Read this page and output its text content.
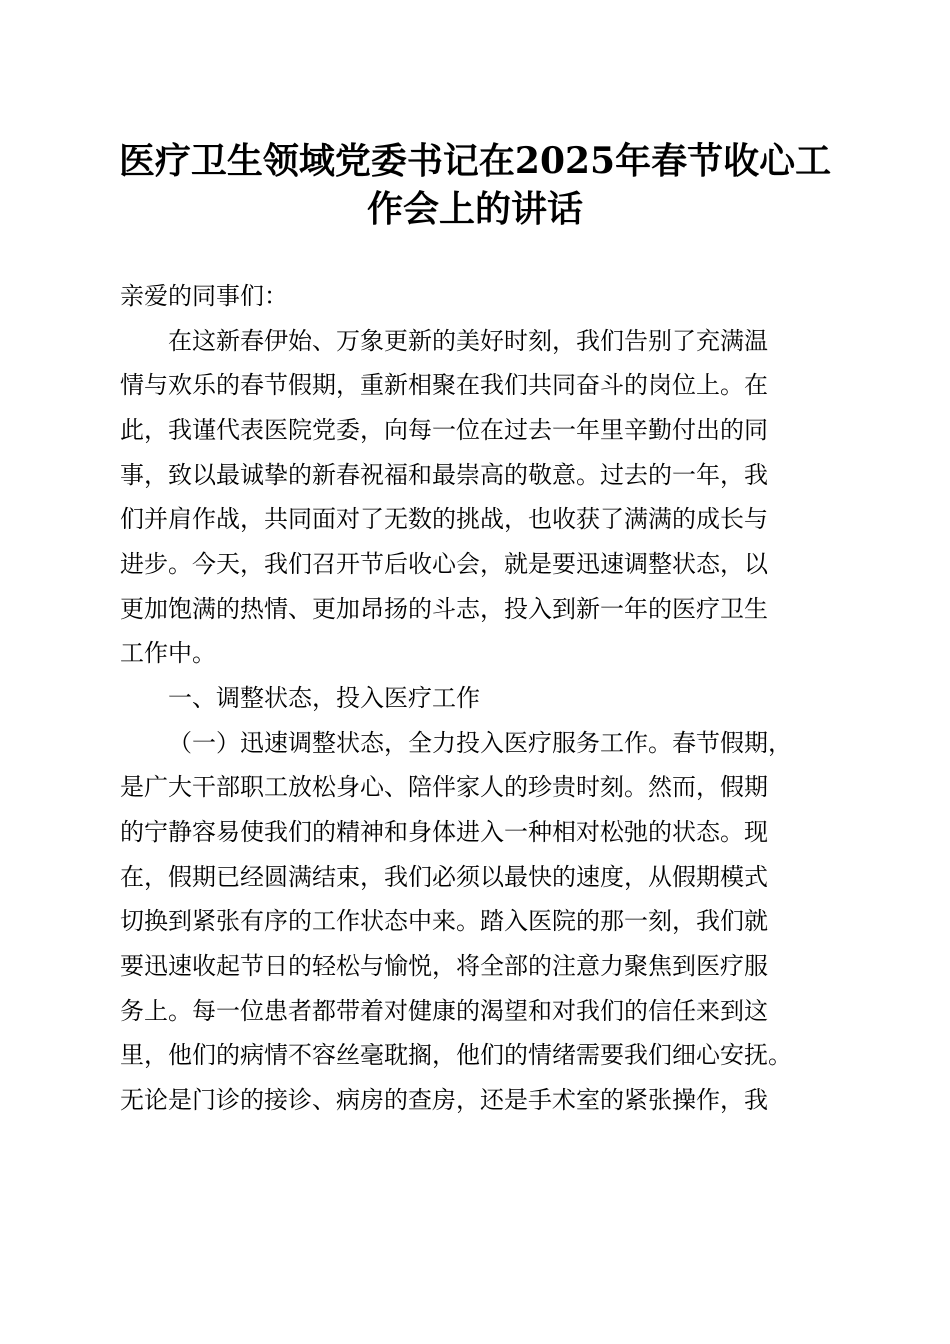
医疗卫生领域党委书记在2025年春节收心工
作会上的讲话
亲爱的同事们：
在这新春伊始、万象更新的美好时刻，我们告别了充满温
情与欢乐的春节假期，重新相聚在我们共同奋斗的岗位上。在
此，我谨代表医院党委，向每一位在过去一年里辛勤付出的同
事，致以最诚挚的新春祝福和最崇高的敬意。过去的一年，我
们并肩作战，共同面对了无数的挑战，也收获了满满的成长与
进步。今天，我们召开节后收心会，就是要迅速调整状态，以
更加饱满的热情、更加昂扬的斗志，投入到新一年的医疗卫生
工作中。
一、调整状态，投入医疗工作
（一）迅速调整状态，全力投入医疗服务工作。春节假期，
是广大干部职工放松身心、陪伴家人的珍贵时刻。然而，假期
的宁静容易使我们的精神和身体进入一种相对松弛的状态。现
在，假期已经圆满结束，我们必须以最快的速度，从假期模式
切换到紧张有序的工作状态中来。踏入医院的那一刻，我们就
要迅速收起节日的轻松与愉悦，将全部的注意力聚焦到医疗服
务上。每一位患者都带着对健康的渴望和对我们的信任来到这
里，他们的病情不容丝毫耽搁，他们的情绪需要我们细心安抚。
无论是门诊的接诊、病房的查房，还是手术室的紧张操作，我
